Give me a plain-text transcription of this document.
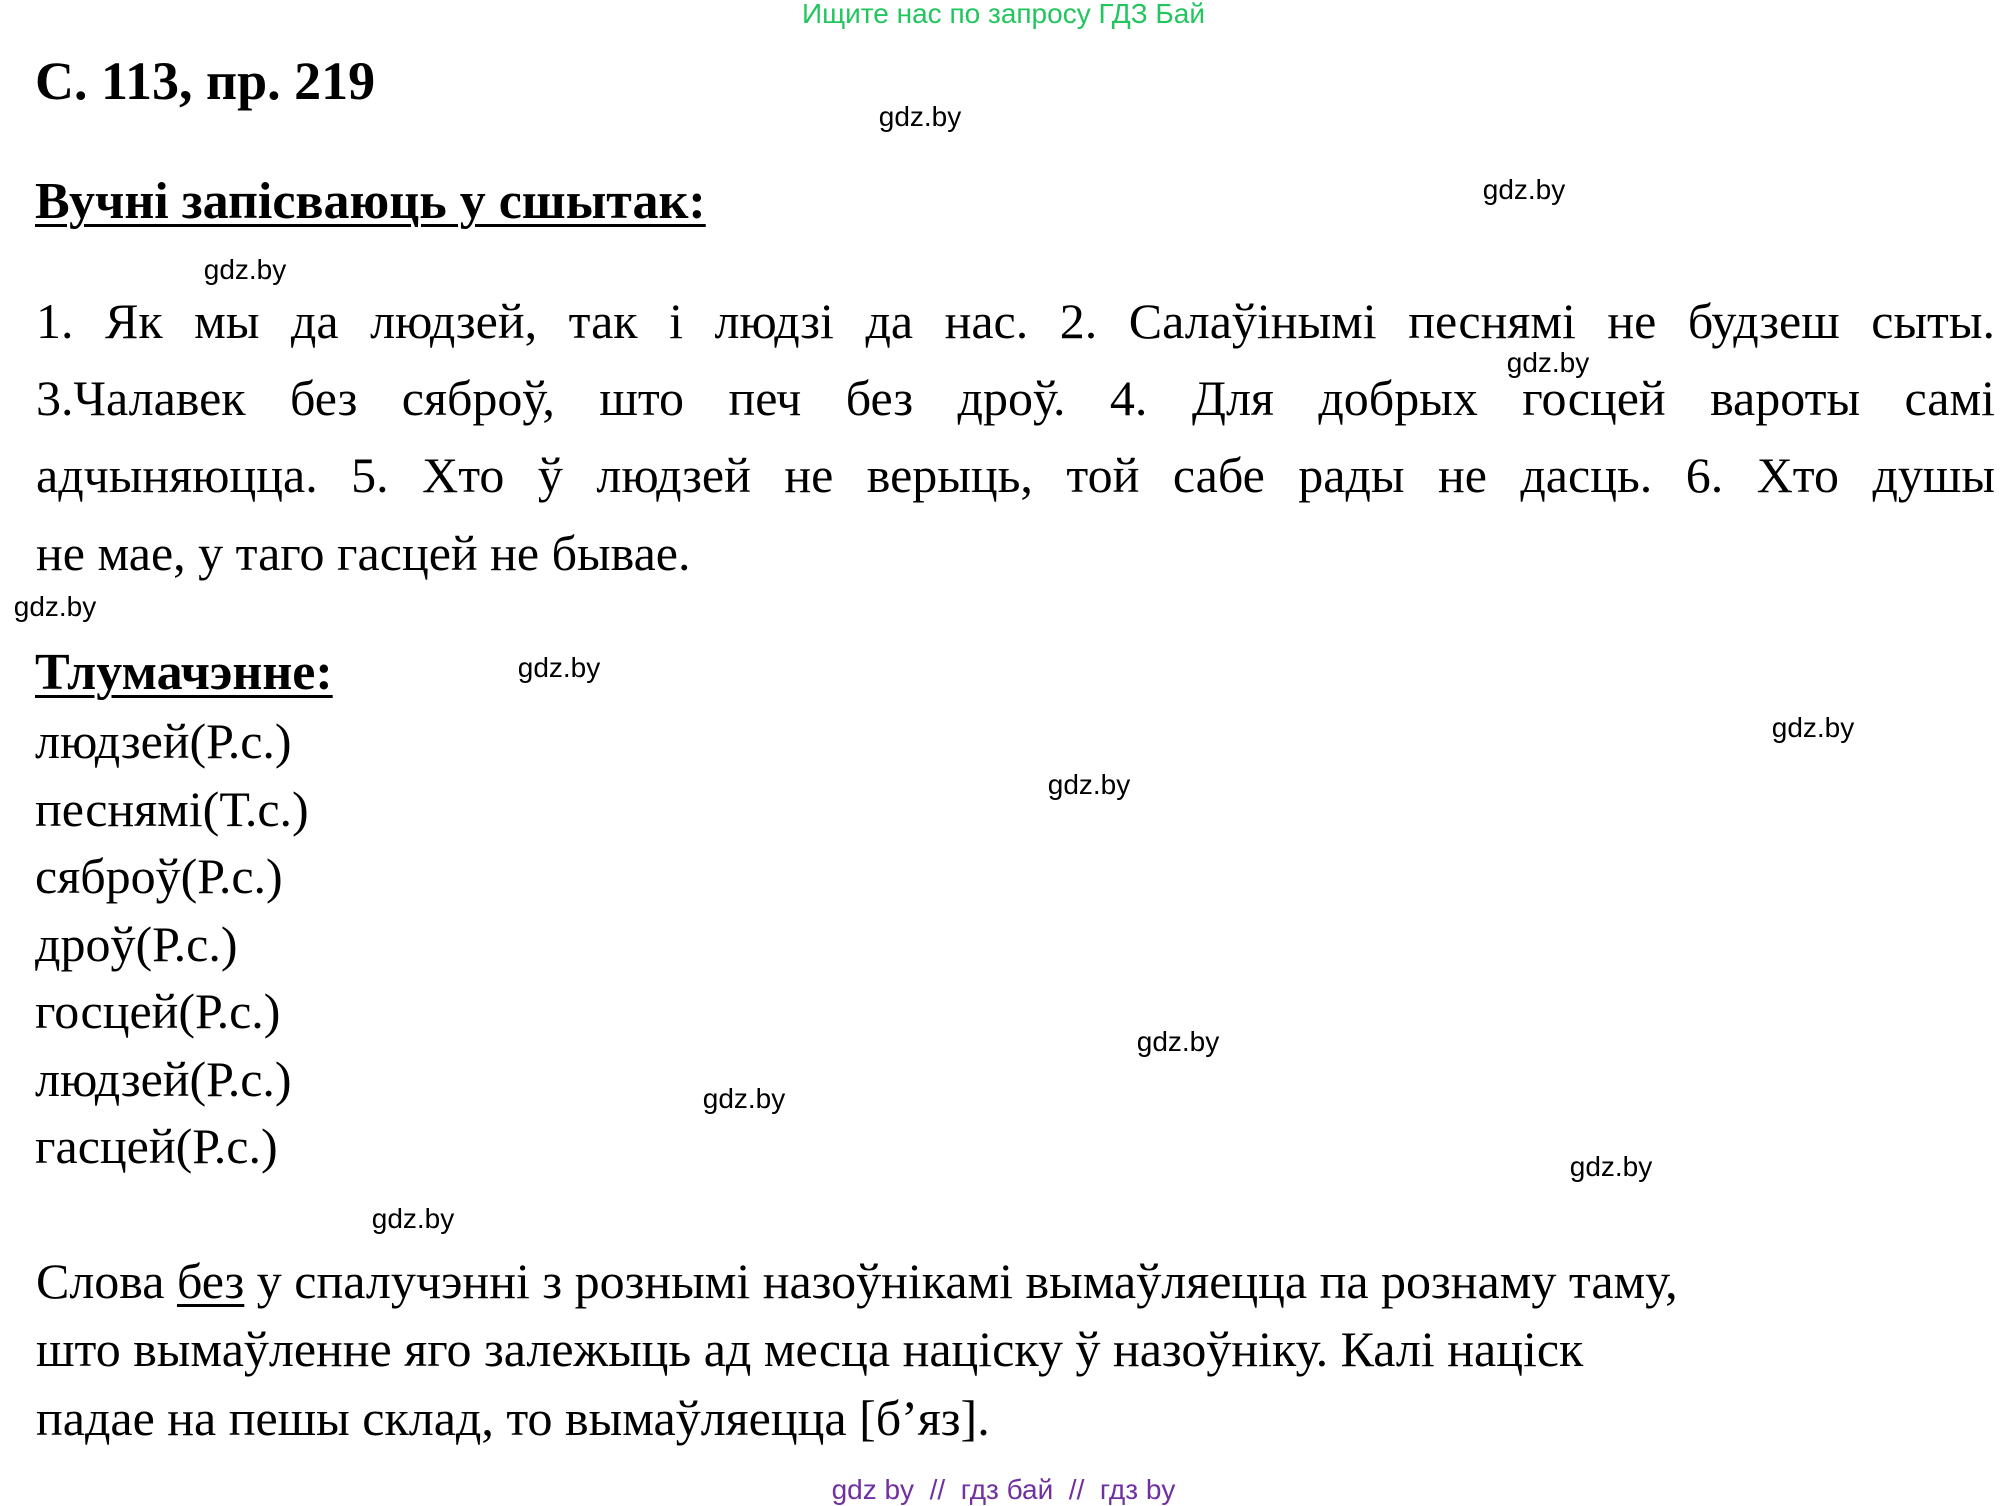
Ищите нас по запросу ГДЗ Бай
С. 113, пр. 219
Вучні запісваюць у сшытак:
1. Як мы да людзей, так і людзі да нас. 2. Салаўінымі песнямі не будзеш сыты.
3.Чалавек без сяброў, што печ без дроў. 4. Для добрых госцей вароты самі
адчыняюцца. 5. Хто ў людзей не верыць, той сабе рады не дасць. 6. Хто душы
не мае, у таго гасцей не бывае.
Тлумачэнне:
людзей(Р.с.)
песнямі(Т.с.)
сяброў(Р.с.)
дроў(Р.с.)
госцей(Р.с.)
людзей(Р.с.)
гасцей(Р.с.)
Слова без у спалучэнні з рознымі назоўнікамі вымаўляецца па рознаму таму,
што вымаўленне яго залежыць ад месца націску ў назоўніку. Калі націск
падае на пешы склад, то вымаўляецца [б’яз].
gdz.by
gdz.by
gdz.by
gdz.by
gdz.by
gdz.by
gdz.by
gdz.by
gdz.by
gdz.by
gdz.by
gdz.by
gdz by  //  гдз бай  //  гдз by
